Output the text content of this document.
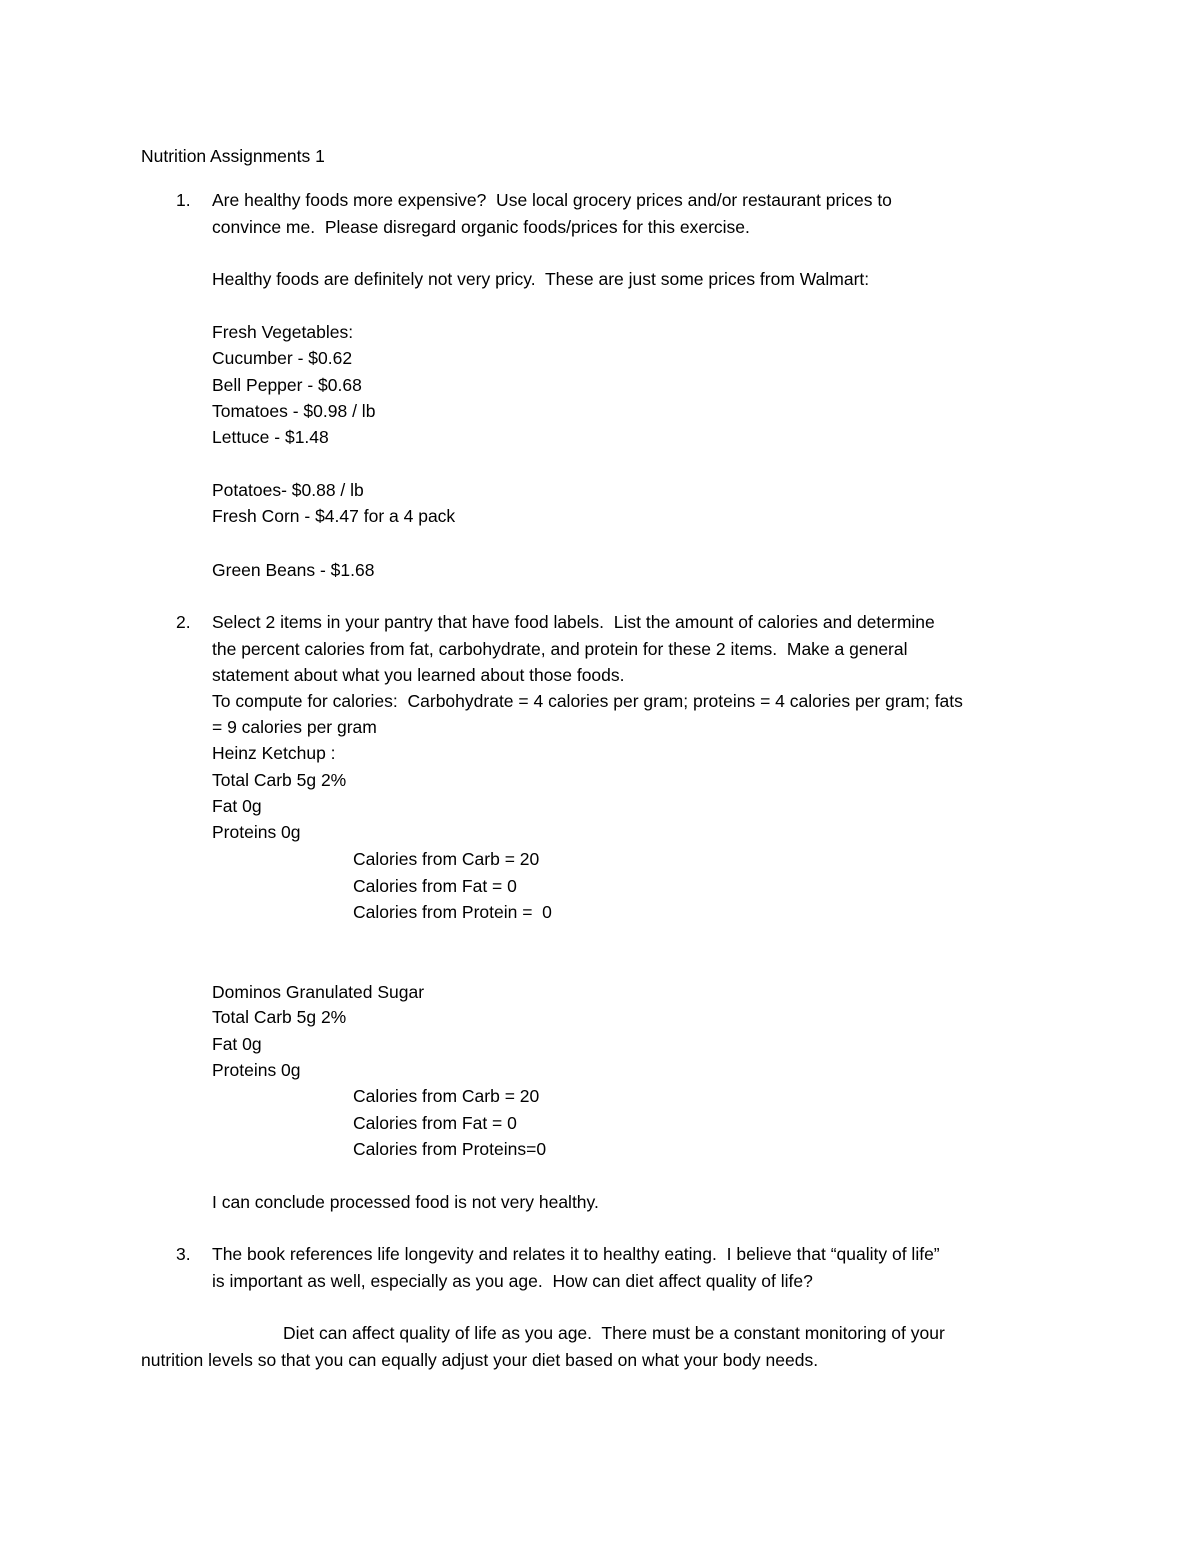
Nutrition Assignments 1
1. Are healthy foods more expensive?  Use local grocery prices and/or restaurant prices to
convince me.  Please disregard organic foods/prices for this exercise.
Healthy foods are definitely not very pricy.  These are just some prices from Walmart:
Fresh Vegetables:
Cucumber - $0.62
Bell Pepper - $0.68
Tomatoes - $0.98 / lb
Lettuce - $1.48
Potatoes- $0.88 / lb
Fresh Corn - $4.47 for a 4 pack
Green Beans - $1.68
2. Select 2 items in your pantry that have food labels.  List the amount of calories and determine
the percent calories from fat, carbohydrate, and protein for these 2 items.  Make a general
statement about what you learned about those foods.
To compute for calories:  Carbohydrate = 4 calories per gram; proteins = 4 calories per gram; fats
= 9 calories per gram
Heinz Ketchup :
Total Carb 5g 2%
Fat 0g
Proteins 0g
Calories from Carb = 20
Calories from Fat = 0
Calories from Protein =  0
Dominos Granulated Sugar
Total Carb 5g 2%
Fat 0g
Proteins 0g
Calories from Carb = 20
Calories from Fat = 0
Calories from Proteins=0
I can conclude processed food is not very healthy.
3. The book references life longevity and relates it to healthy eating.  I believe that “quality of life”
is important as well, especially as you age.  How can diet affect quality of life?
Diet can affect quality of life as you age.  There must be a constant monitoring of your
nutrition levels so that you can equally adjust your diet based on what your body needs.
